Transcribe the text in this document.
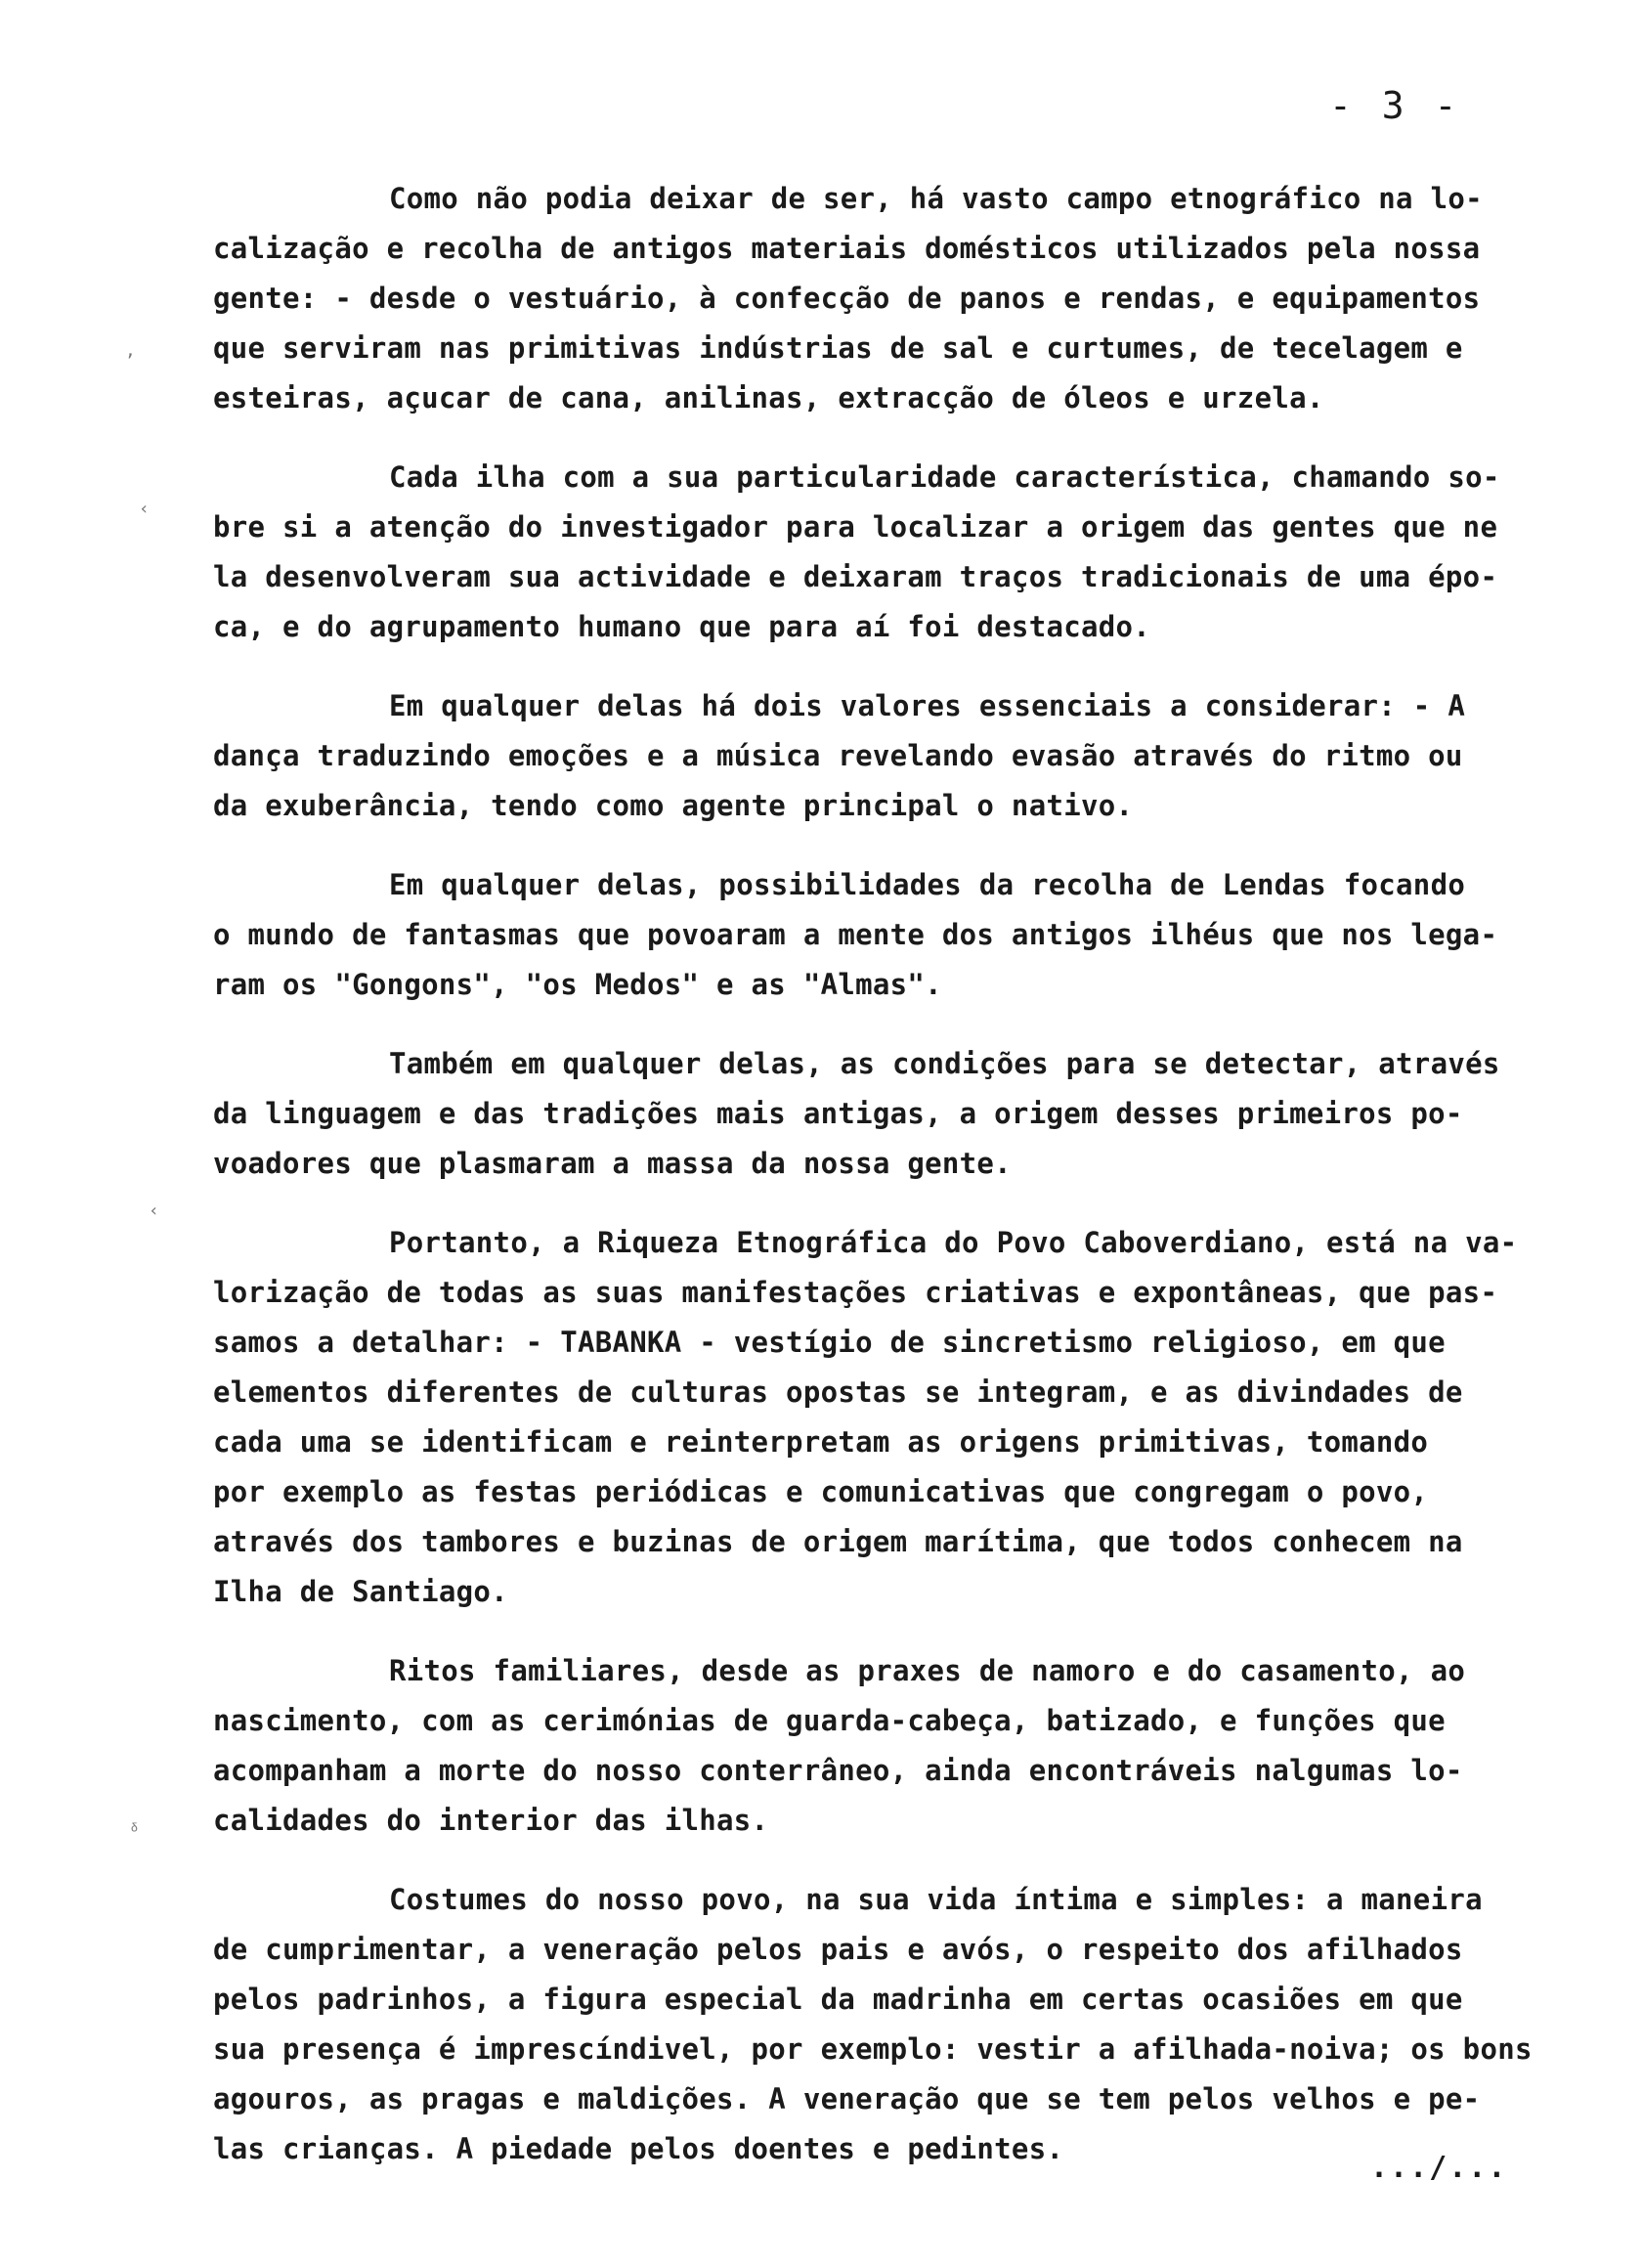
- 3 -
,
‹
‹
ᵟ
Como não podia deixar de ser, há vasto campo etnográfico na lo-
calização e recolha de antigos materiais domésticos utilizados pela nossa
gente: - desde o vestuário, à confecção de panos e rendas, e equipamentos
que serviram nas primitivas indústrias de sal e curtumes, de tecelagem e
esteiras, açucar de cana, anilinas, extracção de óleos e urzela.
Cada ilha com a sua particularidade característica, chamando so-
bre si a atenção do investigador para localizar a origem das gentes que ne
la desenvolveram sua actividade e deixaram traços tradicionais de uma épo-
ca, e do agrupamento humano que para aí foi destacado.
Em qualquer delas há dois valores essenciais a considerar: - A
dança traduzindo emoções e a música revelando evasão através do ritmo ou
da exuberância, tendo como agente principal o nativo.
Em qualquer delas, possibilidades da recolha de Lendas focando
o mundo de fantasmas que povoaram a mente dos antigos ilhéus que nos lega-
ram os "Gongons", "os Medos" e as "Almas".
Também em qualquer delas, as condições para se detectar, através
da linguagem e das tradições mais antigas, a origem desses primeiros po-
voadores que plasmaram a massa da nossa gente.
Portanto, a Riqueza Etnográfica do Povo Caboverdiano, está na va-
lorização de todas as suas manifestações criativas e expontâneas, que pas-
samos a detalhar: - TABANKA - vestígio de sincretismo religioso, em que
elementos diferentes de culturas opostas se integram, e as divindades de
cada uma se identificam e reinterpretam as origens primitivas, tomando
por exemplo as festas periódicas e comunicativas que congregam o povo,
através dos tambores e buzinas de origem marítima, que todos conhecem na
Ilha de Santiago.
Ritos familiares, desde as praxes de namoro e do casamento, ao
nascimento, com as cerimónias de guarda-cabeça, batizado, e funções que
acompanham a morte do nosso conterrâneo, ainda encontráveis nalgumas lo-
calidades do interior das ilhas.
Costumes do nosso povo, na sua vida íntima e simples: a maneira
de cumprimentar, a veneração pelos pais e avós, o respeito dos afilhados
pelos padrinhos, a figura especial da madrinha em certas ocasiões em que
sua presença é imprescíndivel, por exemplo: vestir a afilhada-noiva; os bons
agouros, as pragas e maldições. A veneração que se tem pelos velhos e pe-
las crianças. A piedade pelos doentes e pedintes.
.../...
